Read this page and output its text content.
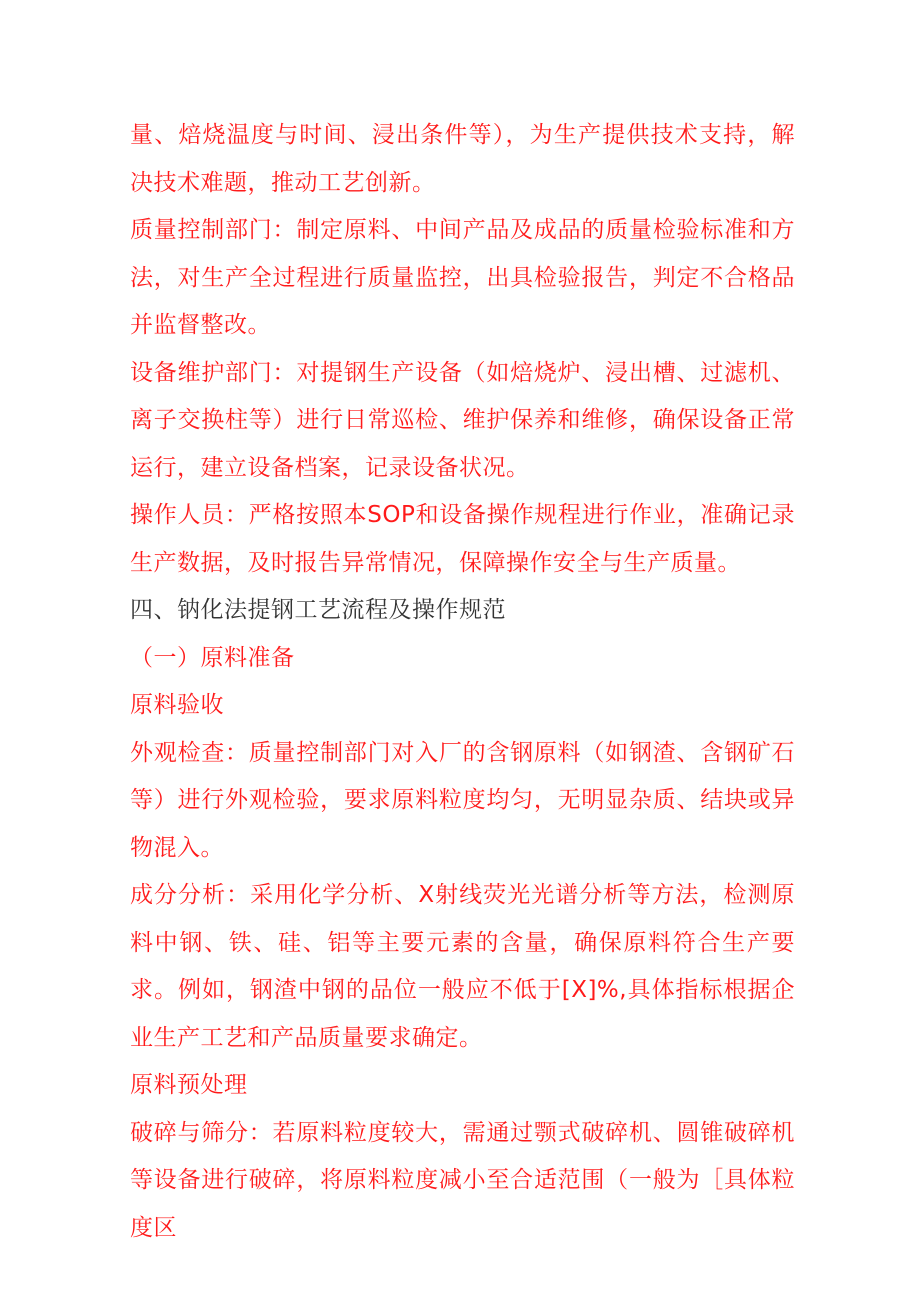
量、焙烧温度与时间、浸出条件等），为生产提供技术支持，解决技术难题，推动工艺创新。

质量控制部门：制定原料、中间产品及成品的质量检验标准和方法，对生产全过程进行质量监控，出具检验报告，判定不合格品并监督整改。

设备维护部门：对提钢生产设备（如焙烧炉、浸出槽、过滤机、离子交换柱等）进行日常巡检、维护保养和维修，确保设备正常运行，建立设备档案，记录设备状况。

操作人员：严格按照本SOP和设备操作规程进行作业，准确记录生产数据，及时报告异常情况，保障操作安全与生产质量。

四、钠化法提钢工艺流程及操作规范

（一）原料准备

原料验收

外观检查：质量控制部门对入厂的含钢原料（如钢渣、含钢矿石等）进行外观检验，要求原料粒度均匀，无明显杂质、结块或异物混入。

成分分析：采用化学分析、X射线荧光光谱分析等方法，检测原料中钢、铁、硅、铝等主要元素的含量，确保原料符合生产要求。例如，钢渣中钢的品位一般应不低于[X]%,具体指标根据企业生产工艺和产品质量要求确定。

原料预处理

破碎与筛分：若原料粒度较大，需通过颚式破碎机、圆锥破碎机等设备进行破碎，将原料粒度减小至合适范围（一般为［具体粒度区
